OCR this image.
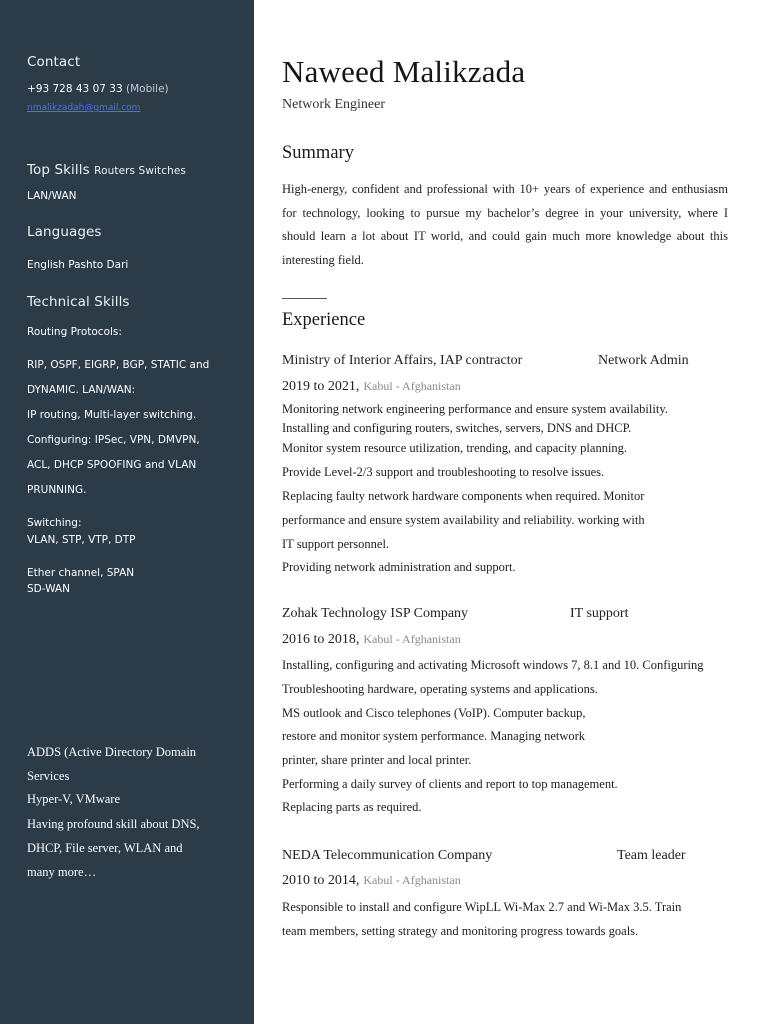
Contact
+93 728 43 07 33 (Mobile)
nmalikzadah@gmail.com
Top Skills Routers Switches
LAN/WAN
Languages
English Pashto Dari
Technical Skills
Routing Protocols:
RIP, OSPF, EIGRP, BGP, STATIC and
DYNAMIC. LAN/WAN:
IP routing, Multi-layer switching.
Configuring: IPSec, VPN, DMVPN,
ACL, DHCP SPOOFING and VLAN
PRUNNING.
Switching:
VLAN, STP, VTP, DTP
Ether channel, SPAN
SD-WAN
ADDS (Active Directory Domain
Services
Hyper-V, VMware
Having profound skill about DNS,
DHCP, File server, WLAN and
many more…
Naweed Malikzada
Network Engineer
Summary
High-energy, confident and professional with 10+ years of experience and enthusiasm for technology, looking to pursue my bachelor’s degree in your university, where I should learn a lot about IT world, and could gain much more knowledge about this interesting field.
Experience
Ministry of Interior Affairs, IAP contractor	Network Admin
2019 to 2021, Kabul - Afghanistan
Monitoring network engineering performance and ensure system availability.
Installing and configuring routers, switches, servers, DNS and DHCP.
Monitor system resource utilization, trending, and capacity planning.
Provide Level-2/3 support and troubleshooting to resolve issues.
Replacing faulty network hardware components when required. Monitor
performance and ensure system availability and reliability. working with
IT support personnel.
Providing network administration and support.
Zohak Technology ISP Company	IT support
2016 to 2018, Kabul - Afghanistan
Installing, configuring and activating Microsoft windows 7, 8.1 and 10. Configuring
Troubleshooting hardware, operating systems and applications.
MS outlook and Cisco telephones (VoIP). Computer backup,
restore and monitor system performance. Managing network
printer, share printer and local printer.
Performing a daily survey of clients and report to top management.
Replacing parts as required.
NEDA Telecommunication Company	Team leader
2010 to 2014, Kabul - Afghanistan
Responsible to install and configure WipLL Wi-Max 2.7 and Wi-Max 3.5. Train
team members, setting strategy and monitoring progress towards goals.
